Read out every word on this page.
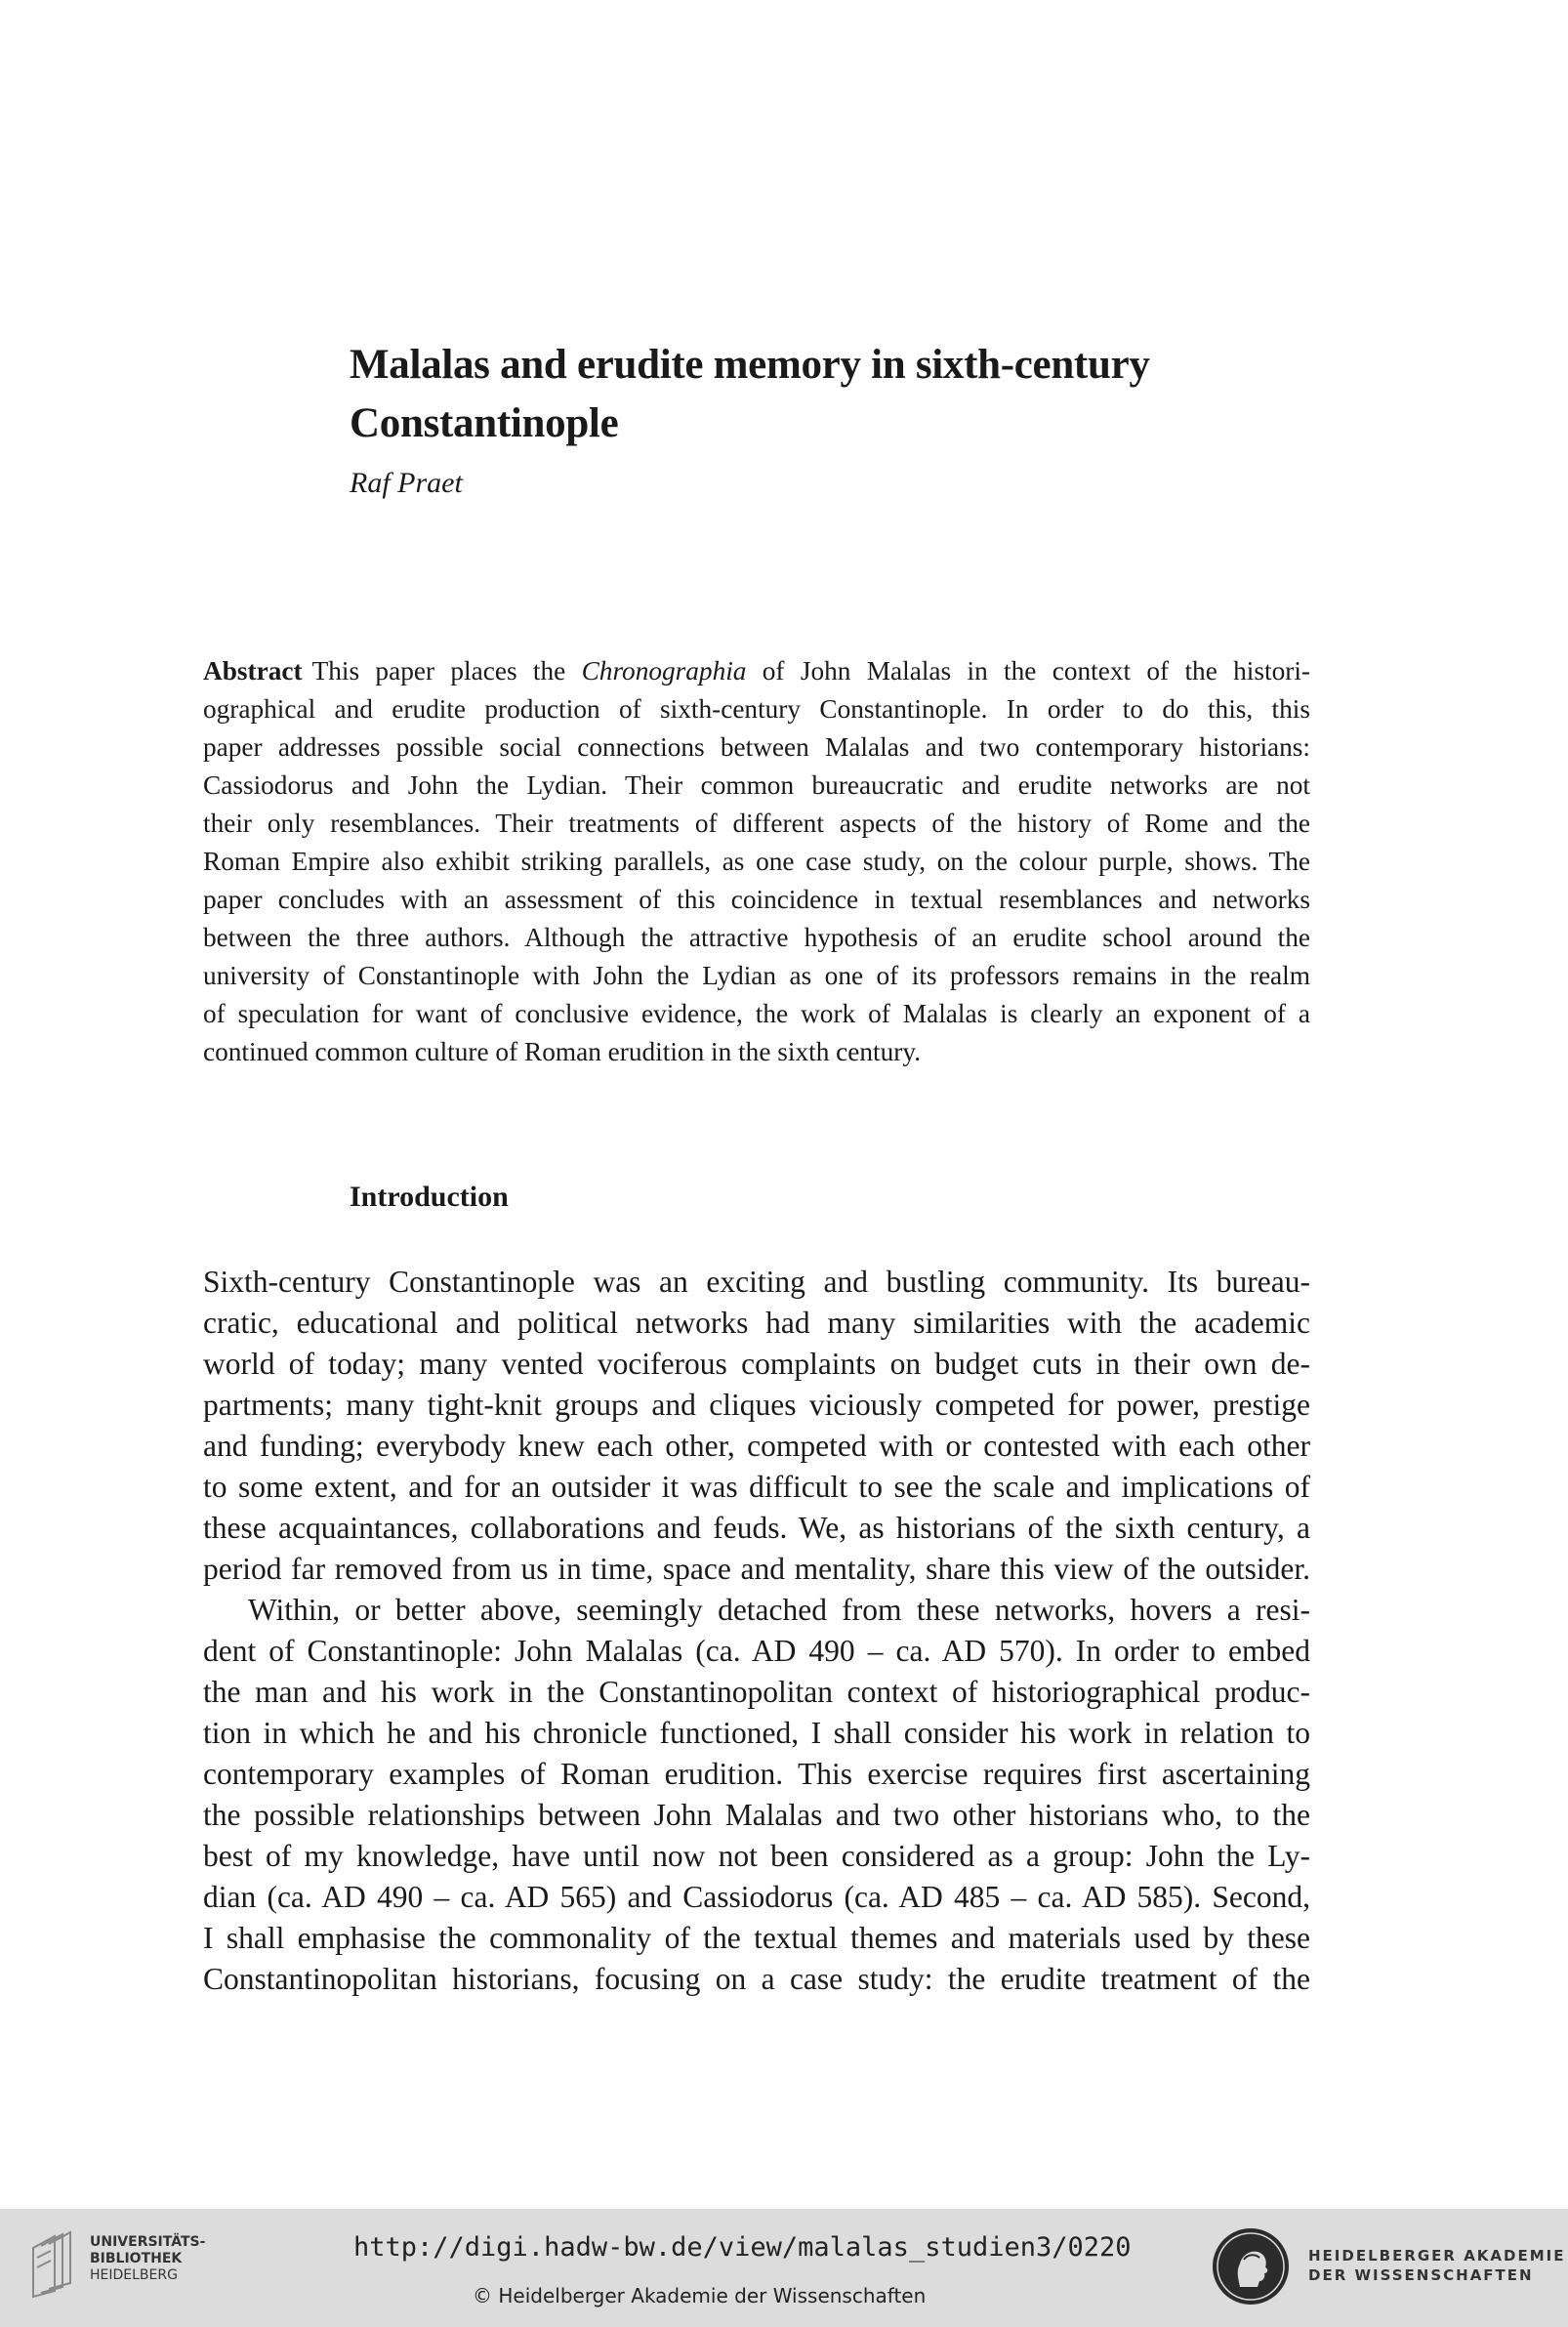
Malalas and erudite memory in sixth-century
Constantinople
Raf Praet
Abstract This paper places the Chronographia of John Malalas in the context of the histori-
ographical and erudite production of sixth-century Constantinople. In order to do this, this
paper addresses possible social connections between Malalas and two contemporary historians:
Cassiodorus and John the Lydian. Their common bureaucratic and erudite networks are not
their only resemblances. Their treatments of different aspects of the history of Rome and the
Roman Empire also exhibit striking parallels, as one case study, on the colour purple, shows. The
paper concludes with an assessment of this coincidence in textual resemblances and networks
between the three authors. Although the attractive hypothesis of an erudite school around the
university of Constantinople with John the Lydian as one of its professors remains in the realm
of speculation for want of conclusive evidence, the work of Malalas is clearly an exponent of a
continued common culture of Roman erudition in the sixth century.
Introduction
Sixth-century Constantinople was an exciting and bustling community. Its bureau-
cratic, educational and political networks had many similarities with the academic
world of today; many vented vociferous complaints on budget cuts in their own de-
partments; many tight-knit groups and cliques viciously competed for power, prestige
and funding; everybody knew each other, competed with or contested with each other
to some extent, and for an outsider it was difficult to see the scale and implications of
these acquaintances, collaborations and feuds. We, as historians of the sixth century, a
period far removed from us in time, space and mentality, share this view of the outsider.
Within, or better above, seemingly detached from these networks, hovers a resi-
dent of Constantinople: John Malalas (ca. AD 490 – ca. AD 570). In order to embed
the man and his work in the Constantinopolitan context of historiographical produc-
tion in which he and his chronicle functioned, I shall consider his work in relation to
contemporary examples of Roman erudition. This exercise requires first ascertaining
the possible relationships between John Malalas and two other historians who, to the
best of my knowledge, have until now not been considered as a group: John the Ly-
dian (ca. AD 490 – ca. AD 565) and Cassiodorus (ca. AD 485 – ca. AD 585). Second,
I shall emphasise the commonality of the textual themes and materials used by these
Constantinopolitan historians, focusing on a case study: the erudite treatment of the
UNIVERSITÄTS-
BIBLIOTHEK
HEIDELBERG
http://digi.hadw-bw.de/view/malalas_studien3/0220
© Heidelberger Akademie der Wissenschaften
HEIDELBERGER AKADEMIE
DER WISSENSCHAFTEN
